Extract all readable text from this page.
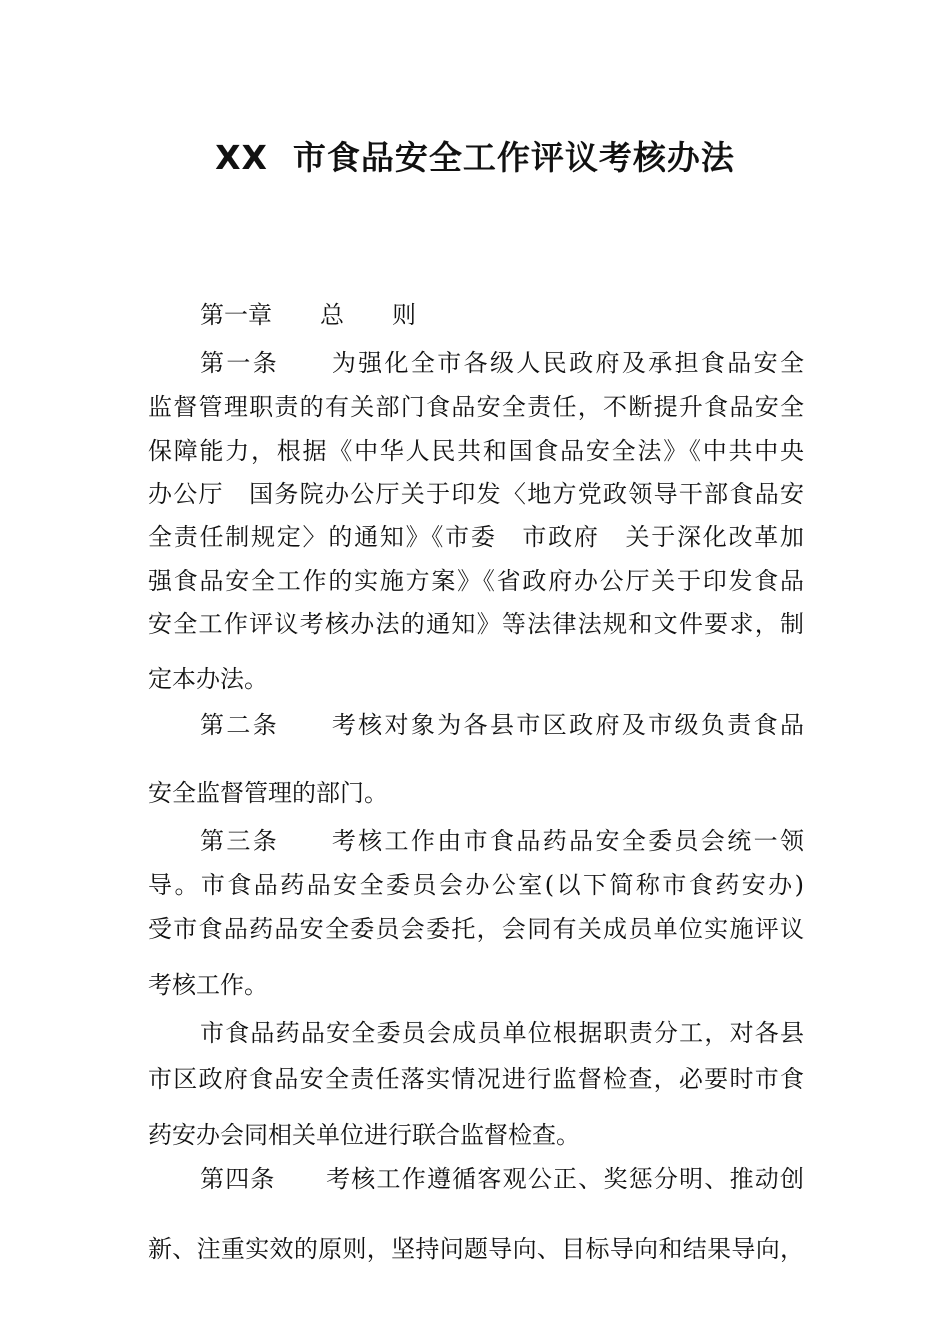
XX  市食品安全工作评议考核办法
第一章　　总　　则
第一条　　为强化全市各级人民政府及承担食品安全
监督管理职责的有关部门食品安全责任，不断提升食品安全
保障能力，根据《中华人民共和国食品安全法》《中共中央
办公厅　国务院办公厅关于印发〈地方党政领导干部食品安
全责任制规定〉的通知》《市委　市政府　关于深化改革加
强食品安全工作的实施方案》《省政府办公厅关于印发食品
安全工作评议考核办法的通知》等法律法规和文件要求，制
定本办法。
第二条　　考核对象为各县市区政府及市级负责食品
安全监督管理的部门。
第三条　　考核工作由市食品药品安全委员会统一领
导。市食品药品安全委员会办公室(以下简称市食药安办)
受市食品药品安全委员会委托，会同有关成员单位实施评议
考核工作。
市食品药品安全委员会成员单位根据职责分工，对各县
市区政府食品安全责任落实情况进行监督检查，必要时市食
药安办会同相关单位进行联合监督检查。
第四条　　考核工作遵循客观公正、奖惩分明、推动创
新、注重实效的原则，坚持问题导向、目标导向和结果导向，
